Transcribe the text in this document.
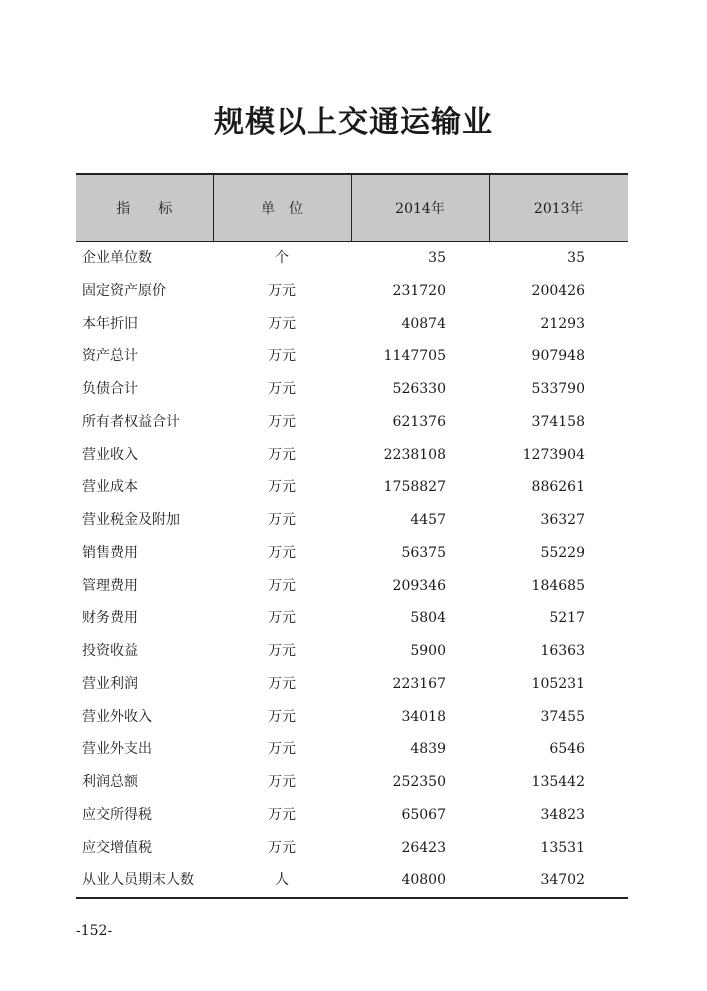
规模以上交通运输业
指　　标	单　位	2014年	2013年
企业单位数	个	35	35
固定资产原价	万元	231720	200426
本年折旧	万元	40874	21293
资产总计	万元	1147705	907948
负债合计	万元	526330	533790
所有者权益合计	万元	621376	374158
营业收入	万元	2238108	1273904
营业成本	万元	1758827	886261
营业税金及附加	万元	4457	36327
销售费用	万元	56375	55229
管理费用	万元	209346	184685
财务费用	万元	5804	5217
投资收益	万元	5900	16363
营业利润	万元	223167	105231
营业外收入	万元	34018	37455
营业外支出	万元	4839	6546
利润总额	万元	252350	135442
应交所得税	万元	65067	34823
应交增值税	万元	26423	13531
从业人员期末人数	人	40800	34702
-152-
